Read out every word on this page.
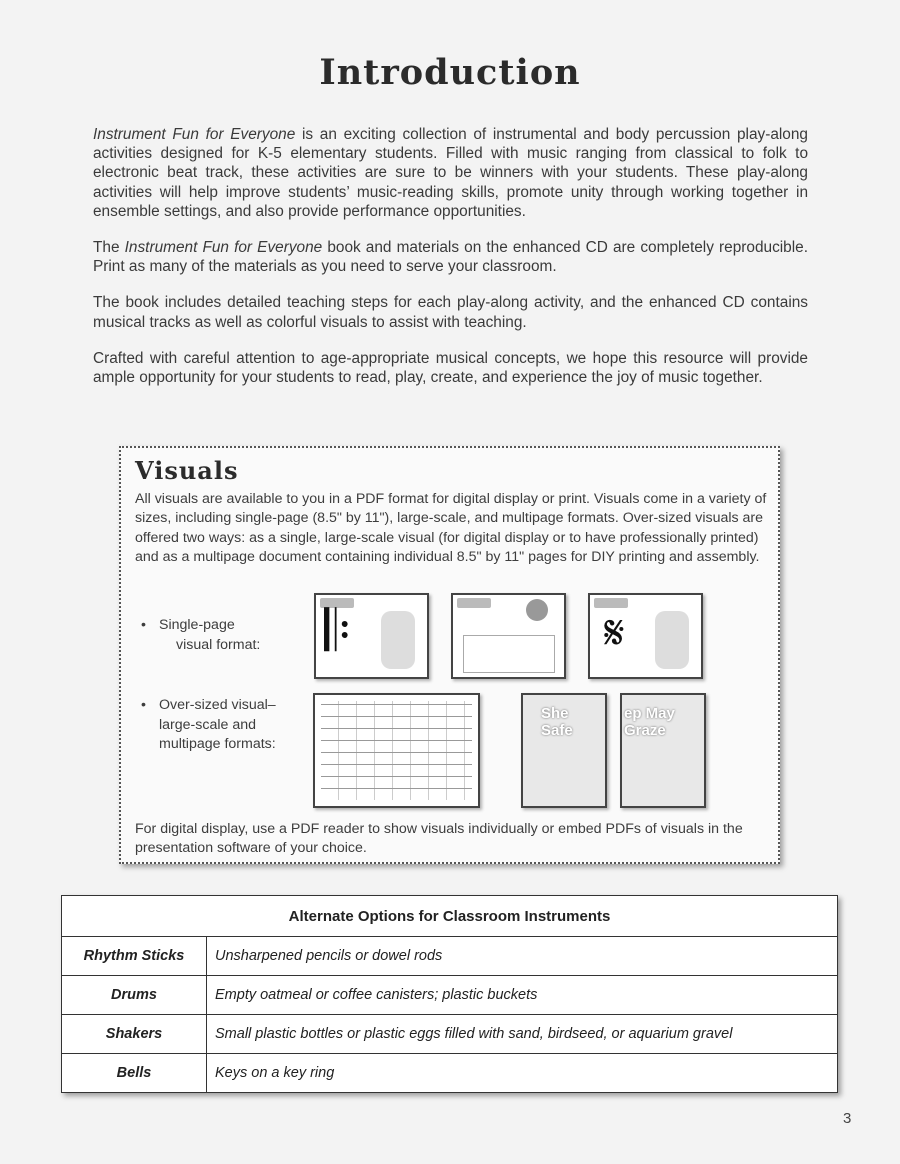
Introduction

Instrument Fun for Everyone is an exciting collection of instrumental and body percussion play-along activities designed for K-5 elementary students. Filled with music ranging from classical to folk to electronic beat track, these activities are sure to be winners with your students. These play-along activities will help improve students’ music-reading skills, promote unity through working together in ensemble settings, and also provide performance opportunities.

The Instrument Fun for Everyone book and materials on the enhanced CD are completely reproducible. Print as many of the materials as you need to serve your classroom.

The book includes detailed teaching steps for each play-along activity, and the enhanced CD contains musical tracks as well as colorful visuals to assist with teaching.

Crafted with careful attention to age-appropriate musical concepts, we hope this resource will provide ample opportunity for your students to read, play, create, and experience the joy of music together.

Visuals
All visuals are available to you in a PDF format for digital display or print. Visuals come in a variety of sizes, including single-page (8.5" by 11"), large-scale, and multipage formats. Over-sized visuals are offered two ways: as a single, large-scale visual (for digital display or to have professionally printed) and as a multipage document containing individual 8.5" by 11" pages for DIY printing and assembly.
• Single-page
visual format:
• Over-sized visual–
large-scale and
multipage formats:
𝄆	𝄋
She
Safe
ep May
Graze
For digital display, use a PDF reader to show visuals individually or embed PDFs of visuals in the presentation software of your choice.
Alternate Options for Classroom Instruments	
Rhythm Sticks	Unsharpened pencils or dowel rods
Drums	Empty oatmeal or coffee canisters; plastic buckets
Shakers	Small plastic bottles or plastic eggs filled with sand, birdseed, or aquarium gravel
Bells	Keys on a key ring
3
